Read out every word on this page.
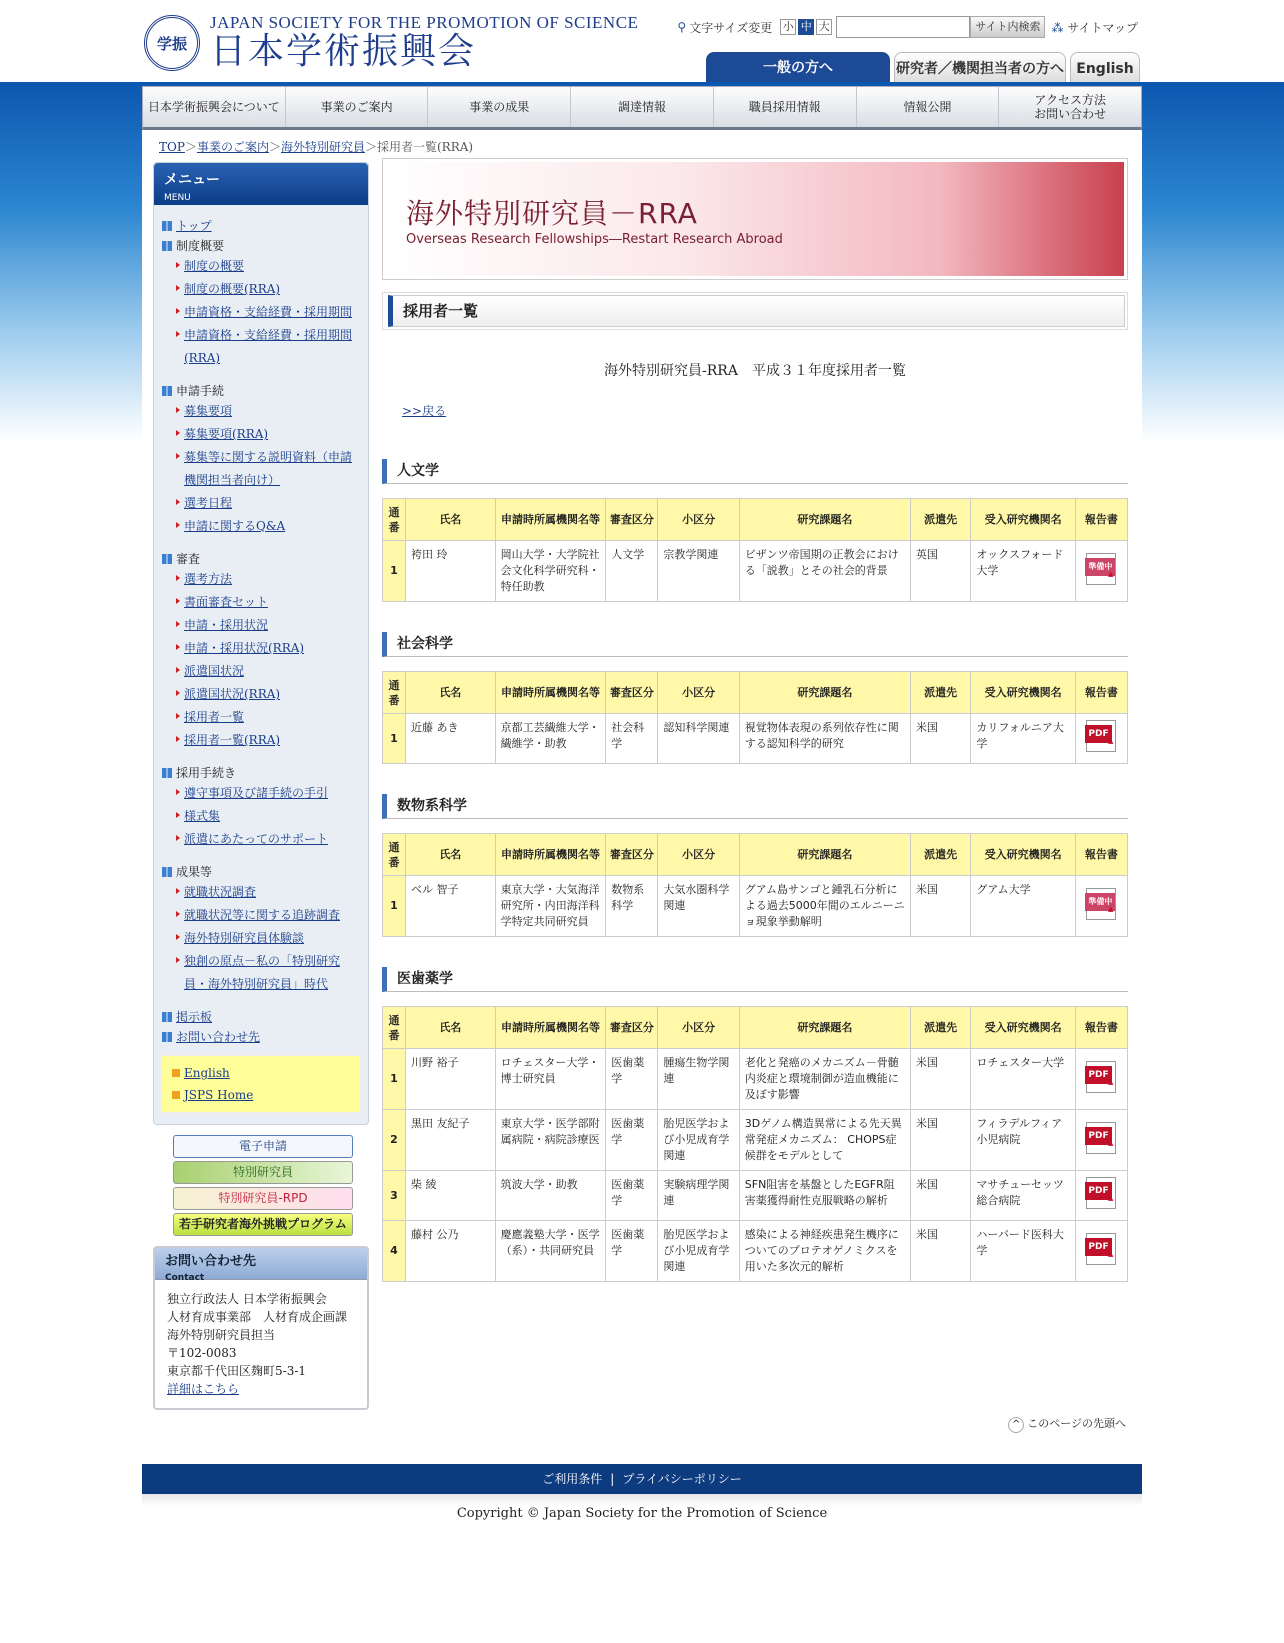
学振
JAPAN SOCIETY FOR THE PROMOTION OF SCIENCE
日本学術振興会
⚲ 文字サイズ変更 小 中 大	サイト内検索 ⁂ サイトマップ
一般の方へ	研究者／機関担当者の方へ English
日本学術振興会について	事業のご案内	事業の成果	調達情報	職員採用情報	情報公開	アクセス方法
お問い合わせ
TOP＞事業のご案内＞海外特別研究員＞採用者一覧(RRA)
メニュー
MENU
トップ
制度概要
制度の概要
制度の概要(RRA)
申請資格・支給経費・採用期間
申請資格・支給経費・採用期間(RRA)
申請手続
募集要項
募集要項(RRA)
募集等に関する説明資料（申請機関担当者向け）
選考日程
申請に関するQ&A
審査
選考方法
書面審査セット
申請・採用状況
申請・採用状況(RRA)
派遣国状況
派遣国状況(RRA)
採用者一覧
採用者一覧(RRA)
採用手続き
遵守事項及び諸手続の手引
様式集
派遣にあたってのサポート
成果等
就職状況調査
就職状況等に関する追跡調査
海外特別研究員体験談
独創の原点－私の「特別研究員・海外特別研究員」時代
掲示板
お問い合わせ先
English
JSPS Home
電子申請
特別研究員
特別研究員-RPD
若手研究者海外挑戦プログラム
お問い合わせ先
Contact
独立行政法人 日本学術振興会
人材育成事業部　人材育成企画課
海外特別研究員担当
〒102-0083
東京都千代田区麹町5-3-1
詳細はこちら
海外特別研究員－RRA
Overseas Research Fellowships―Restart Research Abroad
採用者一覧
海外特別研究員-RRA　平成３１年度採用者一覧
>>戻る
人文学
通番	氏名	申請時所属機関名等	審査区分	小区分	研究課題名	派遣先	受入研究機関名	報告書
1	袴田 玲	岡山大学・大学院社会文化科学研究科・特任助教	人文学	宗教学関連	ビザンツ帝国期の正教会における「説教」とその社会的背景	英国	オックスフォード大学	準備中
▲
社会科学
通番	氏名	申請時所属機関名等	審査区分	小区分	研究課題名	派遣先	受入研究機関名	報告書
1	近藤 あき	京都工芸繊維大学・繊維学・助教	社会科学	認知科学関連	視覚物体表現の系列依存性に関する認知科学的研究	米国	カリフォルニア大学	PDF
▲
数物系科学
通番	氏名	申請時所属機関名等	審査区分	小区分	研究課題名	派遣先	受入研究機関名	報告書
1	ベル 智子	東京大学・大気海洋研究所・内田海洋科学特定共同研究員	数物系科学	大気水圏科学関連	グアム島サンゴと鍾乳石分析による過去5000年間のエルニーニョ現象挙動解明	米国	グアム大学	準備中
▲
医歯薬学
通番	氏名	申請時所属機関名等	審査区分	小区分	研究課題名	派遣先	受入研究機関名	報告書
1	川野 裕子	ロチェスター大学・博士研究員	医歯薬学	腫瘍生物学関連	老化と発癌のメカニズム－骨髄内炎症と環境制御が造血機能に及ぼす影響	米国	ロチェスター大学	PDF
▲

2	黒田 友紀子	東京大学・医学部附属病院・病院診療医	医歯薬学	胎児医学および小児成育学関連	3Dゲノム構造異常による先天異常発症メカニズム： CHOPS症候群をモデルとして	米国	フィラデルフィア小児病院	PDF
▲

3	柴 綾	筑波大学・助教	医歯薬学	実験病理学関連	SFN阻害を基盤としたEGFR阻害薬獲得耐性克服戦略の解析	米国	マサチューセッツ総合病院	PDF
▲

4	藤村 公乃	慶應義塾大学・医学（系）・共同研究員	医歯薬学	胎児医学および小児成育学関連	感染による神経疾患発生機序についてのプロテオゲノミクスを用いた多次元的解析	米国	ハーバード医科大学	PDF
▲
^ このページの先頭へ
ご利用条件 | プライバシーポリシー
Copyright © Japan Society for the Promotion of Science
